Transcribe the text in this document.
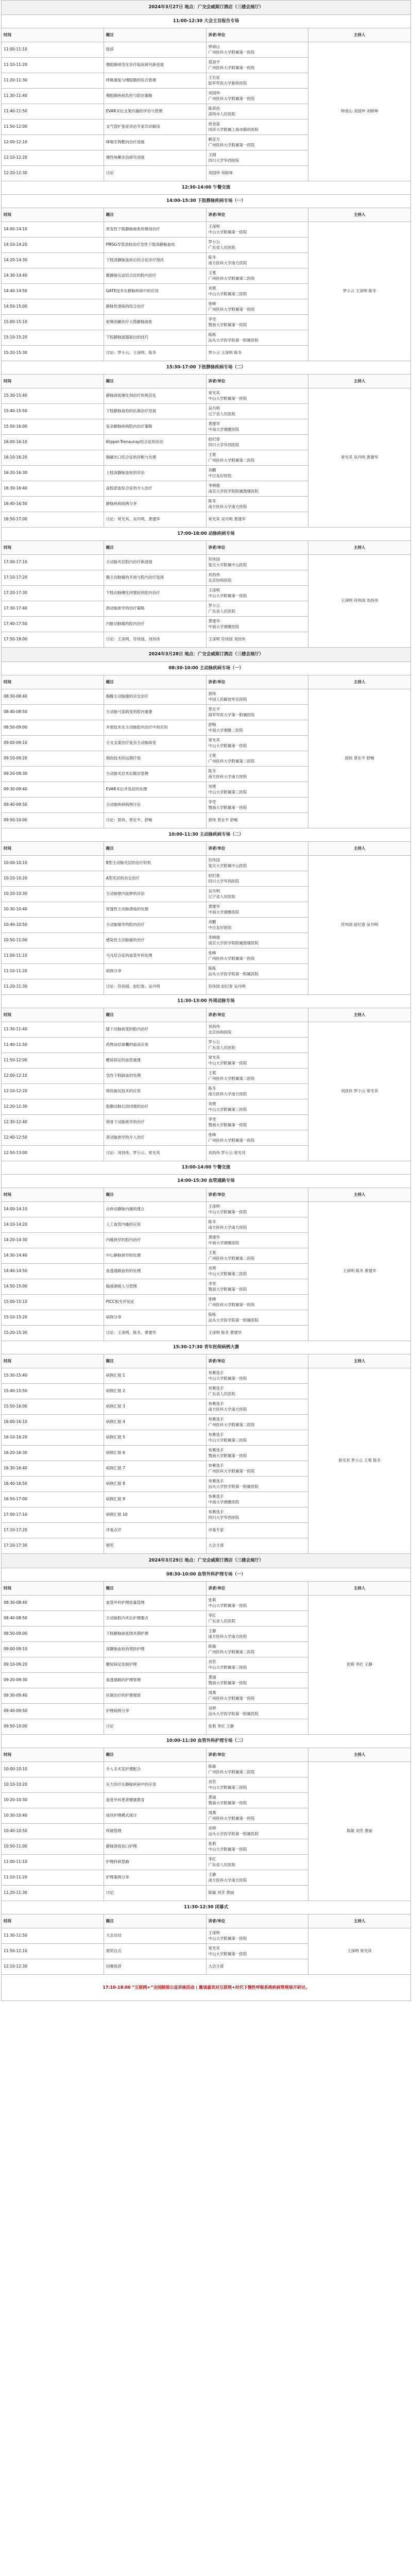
2024年3月27日 地点：广交会威斯汀酒店（三楼会展厅）			
11:00-12:30 大会主旨报告专场			
时间	题目	讲者/单位	主持人
11:00-11:10	致辞	钟南山
广州医科大学附属第一医院	钟南山 刘国珍 刘树坤
11:10-11:20	慢阻肺规范化诊疗临床研究新进展	郑劲平
广州医科大学附属第一医院	

11:20-11:30	呼吸康复与慢阻肺的综合管理	王长征
陆军军医大学新桥医院	

11:30-11:40	慢阻肺疾病负担与防治策略	刘国珍
广州医科大学附属第一医院	

11:40-11:50	EVAR术后支架内漏的评估与管理	陈荣昌
深圳市人民医院	

11:50-12:00	支气管扩张症诊治专家共识解读	徐金富
同济大学附属上海市肺科医院	

12:00-12:10	哮喘生物靶向治疗进展	赖克方
广州医科大学附属第一医院	

12:10-12:20	慢性咳嗽诊治研究进展	王刚
四川大学华西医院	

12:20-12:30	讨论	刘国珍 刘树坤	

12:30-14:00 午餐交流			
14:00-15:30 下肢静脉疾病专场（一）			
时间	题目	讲者/单位	主持人
14:00-14:10	原发性下肢静脉曲张的微创治疗	王深明
中山大学附属第一医院	罗小云 王深明 陈冬
14:10-14:20	PMSG导管溶栓治疗急性下肢深静脉血栓	罗小云
广东省人民医院	

14:20-14:30	下肢深静脉血栓后综合征诊疗现状	陈冬
南方医科大学南方医院	

14:30-14:40	髂静脉压迫综合征的腔内治疗	王冕
广州医科大学附属第二医院	

14:40-14:50	GATE技术在静脉疾病中的应用	刘勇
中山大学附属第三医院	

14:50-15:00	静脉性溃疡的综合治疗	张峰
广州医科大学附属第一医院	

15:00-15:10	射频消融治疗大隐静脉曲张	李雪
暨南大学附属第一医院	

15:10-15:20	下腔静脉滤器取出的技巧	陈栋
汕头大学医学院第一附属医院	

15:20-15:30	讨论：罗小云、王深明、陈冬	罗小云 王深明 陈冬	

15:30-17:00 下肢静脉疾病专场（二）			
时间	题目	讲者/单位	主持人
15:30-15:40	静脉曲张硬化剂治疗的规范化	常光其
中山大学附属第一医院	常光其 吴丹明 黄建华
15:40-15:50	下肢静脉血栓的抗凝治疗进展	吴丹明
辽宁省人民医院	

15:50-16:00	复杂静脉疾病腔内治疗策略	黄建华
中南大学湘雅医院	

16:00-16:10	Klippel-Trenaunay综合征的诊治	赵纪春
四川大学华西医院	

16:10-16:20	胸廓出口综合征的诊断与处理	王冕
广州医科大学附属第二医院	

16:20-16:30	上肢深静脉血栓的诊治	刘鹏
中日友好医院	

16:30-16:40	盆腔淤血综合征的介入治疗	李晓强
南京大学医学院附属鼓楼医院	

16:40-16:50	静脉疾病病例分享	陈冬
南方医科大学南方医院	

16:50-17:00	讨论：常光其、吴丹明、黄建华	常光其 吴丹明 黄建华	

17:00-18:00 动脉疾病专场			
时间	题目	讲者/单位	主持人
17:00-17:10	主动脉夹层腔内治疗新进展	符伟国
复旦大学附属中山医院	王深明 符伟国 刘昌伟
17:10-17:20	腹主动脉瘤的开放与腔内治疗选择	刘昌伟
北京协和医院	

17:20-17:30	下肢动脉硬化闭塞症的腔内治疗	王深明
中山大学附属第一医院	

17:30-17:40	颈动脉狭窄的治疗策略	罗小云
广东省人民医院	

17:40-17:50	内脏动脉瘤的腔内治疗	黄建华
中南大学湘雅医院	

17:50-18:00	讨论：王深明、符伟国、刘昌伟	王深明 符伟国 刘昌伟	

2024年3月28日 地点：广交会威斯汀酒店（三楼会展厅）			
08:30-10:00 主动脉疾病专场（一）			
时间	题目	讲者/单位	主持人
08:30-08:40	胸腹主动脉瘤的杂交治疗	郭伟
中国人民解放军总医院	郭伟 景在平 舒畅
08:40-08:50	主动脉弓部病变的腔内重建	景在平
海军军医大学第一附属医院	

08:50-09:00	开窗技术在主动脉腔内治疗中的应用	舒畅
中南大学湘雅二医院	

09:00-09:10	分支支架治疗复杂主动脉病变	常光其
中山大学附属第一医院	

09:10-09:20	烟囱技术的远期疗效	王冕
广州医科大学附属第二医院	

09:20-09:30	主动脉夹层术后随访管理	陈冬
南方医科大学南方医院	

09:30-09:40	EVAR术后并发症的处理	刘勇
中山大学附属第三医院	

09:40-09:50	主动脉疾病病例讨论	李雪
暨南大学附属第一医院	

09:50-10:00	讨论：郭伟、景在平、舒畅	郭伟 景在平 舒畅	

10:00-11:30 主动脉疾病专场（二）			
时间	题目	讲者/单位	主持人
10:00-10:10	B型主动脉夹层的治疗时机	符伟国
复旦大学附属中山医院	符伟国 赵纪春 吴丹明
10:10-10:20	A型夹层的杂交治疗	赵纪春
四川大学华西医院	

10:20-10:30	主动脉壁内血肿的诊治	吴丹明
辽宁省人民医院	

10:30-10:40	穿透性主动脉溃疡的处理	黄建华
中南大学湘雅医院	

10:40-10:50	主动脉缩窄的腔内治疗	刘鹏
中日友好医院	

10:50-11:00	感染性主动脉瘤的治疗	李晓强
南京大学医学院附属鼓楼医院	

11:00-11:10	马凡综合征的血管外科处理	张峰
广州医科大学附属第一医院	

11:10-11:20	病例分享	陈栋
汕头大学医学院第一附属医院	

11:20-11:30	讨论：符伟国、赵纪春、吴丹明	符伟国 赵纪春 吴丹明	

11:30-13:00 外周动脉专场			
时间	题目	讲者/单位	主持人
11:30-11:40	膝下动脉病变的腔内治疗	刘昌伟
北京协和医院	刘昌伟 罗小云 常光其
11:40-11:50	药物涂层球囊的临床应用	罗小云
广东省人民医院	

11:50-12:00	糖尿病足的血管重建	常光其
中山大学附属第一医院	

12:00-12:10	急性下肢缺血的处理	王冕
广州医科大学附属第二医院	

12:10-12:20	斑块旋切技术的应用	陈冬
南方医科大学南方医院	

12:20-12:30	股腘动脉长段闭塞的治疗	刘勇
中山大学附属第三医院	

12:30-12:40	锁骨下动脉狭窄的治疗	李雪
暨南大学附属第一医院	

12:40-12:50	肾动脉狭窄的介入治疗	张峰
广州医科大学附属第一医院	

12:50-13:00	讨论：刘昌伟、罗小云、常光其	刘昌伟 罗小云 常光其	

13:00-14:00 午餐交流			
14:00-15:30 血管通路专场			
时间	题目	讲者/单位	主持人
14:00-14:10	自体动静脉内瘘的建立	王深明
中山大学附属第一医院	王深明 陈冬 黄建华
14:10-14:20	人工血管内瘘的应用	陈冬
南方医科大学南方医院	

14:20-14:30	内瘘狭窄的腔内治疗	黄建华
中南大学湘雅医院	

14:30-14:40	中心静脉狭窄的处理	王冕
广州医科大学附属第二医院	

14:40-14:50	血透通路血栓的处理	刘勇
中山大学附属第三医院	

14:50-15:00	输液港植入与管理	李雪
暨南大学附属第一医院	

15:00-15:10	PICC相关并发症	张峰
广州医科大学附属第一医院	

15:10-15:20	病例分享	陈栋
汕头大学医学院第一附属医院	

15:20-15:30	讨论：王深明、陈冬、黄建华	王深明 陈冬 黄建华	

15:30-17:30 青年医师病例大赛			
时间	题目	讲者/单位	主持人
15:30-15:40	病例汇报 1	参赛选手
中山大学附属第一医院	常光其 罗小云 王冕 陈冬
15:40-15:50	病例汇报 2	参赛选手
广东省人民医院	

15:50-16:00	病例汇报 3	参赛选手
南方医科大学南方医院	

16:00-16:10	病例汇报 4	参赛选手
广州医科大学附属第二医院	

16:10-16:20	病例汇报 5	参赛选手
中山大学附属第三医院	

16:20-16:30	病例汇报 6	参赛选手
暨南大学附属第一医院	

16:30-16:40	病例汇报 7	参赛选手
广州医科大学附属第一医院	

16:40-16:50	病例汇报 8	参赛选手
汕头大学医学院第一附属医院	

16:50-17:00	病例汇报 9	参赛选手
中南大学湘雅医院	

17:00-17:10	病例汇报 10	参赛选手
四川大学华西医院	

17:10-17:20	评委点评	评委专家	

17:20-17:30	颁奖	大会主席	

2024年3月29日 地点：广交会威斯汀酒店（三楼会展厅）			
08:30-10:00 血管外科护理专场（一）			
时间	题目	讲者/单位	主持人
08:30-08:40	血管外科护理质量管理	张莉
中山大学附属第一医院	张莉 李红 王静
08:40-08:50	主动脉腔内术后护理要点	李红
广东省人民医院	

08:50-09:00	下肢静脉曲张围术期护理	王静
南方医科大学南方医院	

09:00-09:10	深静脉血栓的预防护理	陈敏
广州医科大学附属第二医院	

09:10-09:20	糖尿病足创面护理	刘芳
中山大学附属第三医院	

09:20-09:30	血透通路的护理管理	黄丽
暨南大学附属第一医院	

09:30-09:40	抗凝治疗的护理观察	周燕
广州医科大学附属第一医院	

09:40-09:50	护理病例分享	吴婷
汕头大学医学院第一附属医院	

09:50-10:00	讨论	张莉 李红 王静	

10:00-11:30 血管外科护理专场（二）			
时间	题目	讲者/单位	主持人
10:00-10:10	介入手术室护理配合	陈敏
广州医科大学附属第二医院	陈敏 刘芳 黄丽
10:10-10:20	压力治疗在静脉疾病中的应用	刘芳
中山大学附属第三医院	

10:20-10:30	血管外科患者健康教育	黄丽
暨南大学附属第一医院	

10:30-10:40	延续护理模式探讨	周燕
广州医科大学附属第一医院	

10:40-10:50	疼痛管理	吴婷
汕头大学医学院第一附属医院	

10:50-11:00	静脉溃疡伤口护理	张莉
中山大学附属第一医院	

11:00-11:10	护理科研思路	李红
广东省人民医院	

11:10-11:20	护理案例分享	王静
南方医科大学南方医院	

11:20-11:30	讨论	陈敏 刘芳 黄丽	

11:30-12:30 闭幕式			
时间	题目	讲者/单位	主持人
11:30-11:50	大会总结	王深明
中山大学附属第一医院	王深明 常光其
11:50-12:10	颁奖仪式	常光其
中山大学附属第一医院	

12:10-12:30	闭幕致辞	大会主席	

17:10-18:00 “互联网+”全国肺部公益讲座活动 | 邀请嘉宾对互联网+时代下慢性呼吸系统疾病管理展开研讨。			
